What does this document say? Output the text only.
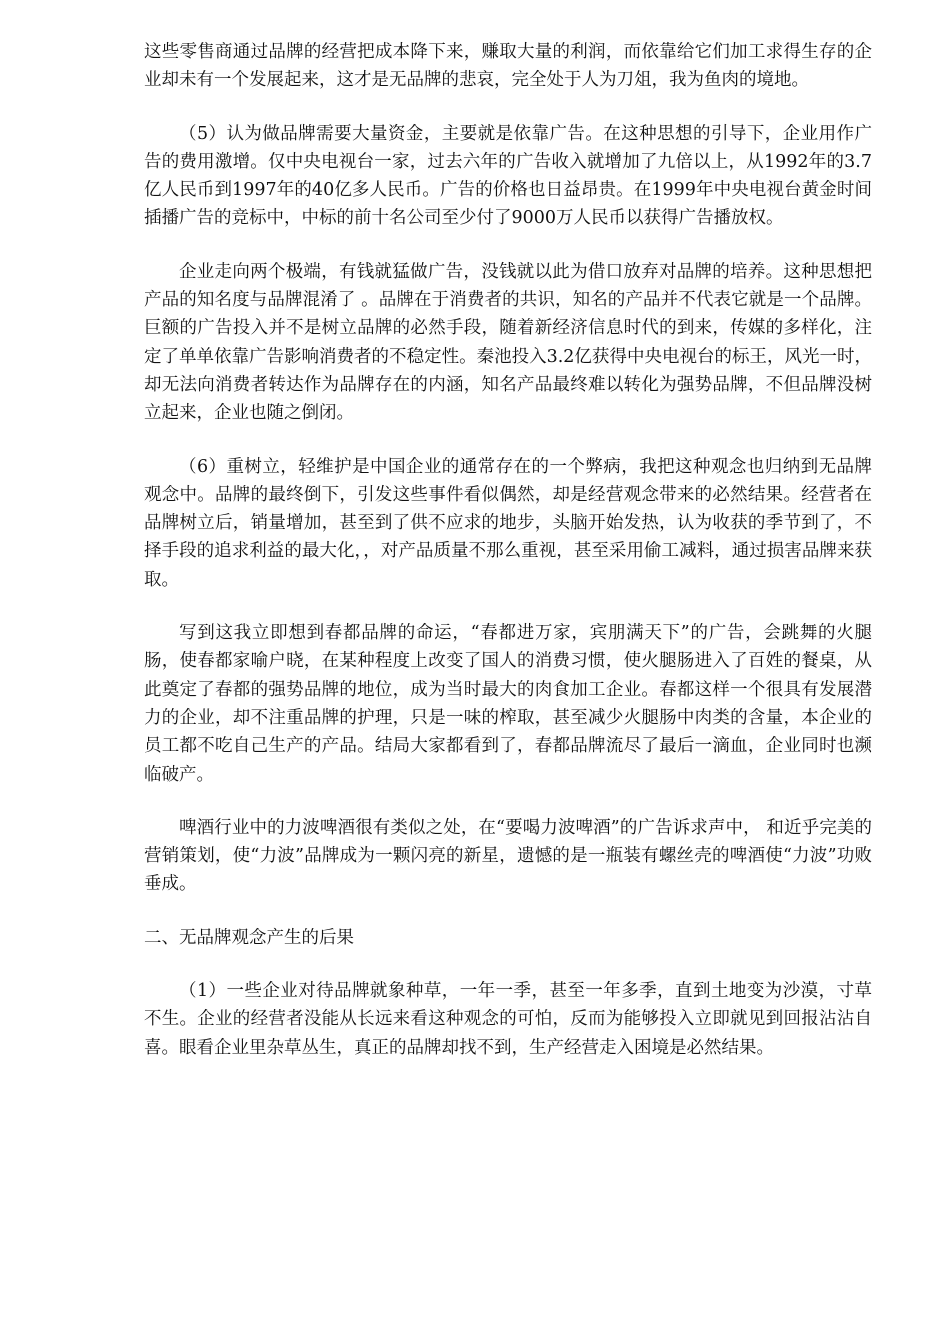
这些零售商通过品牌的经营把成本降下来，赚取大量的利润，而依靠给它们加工求得生存的企业却未有一个发展起来，这才是无品牌的悲哀，完全处于人为刀俎，我为鱼肉的境地。

（5）认为做品牌需要大量资金，主要就是依靠广告。在这种思想的引导下，企业用作广告的费用激增。仅中央电视台一家，过去六年的广告收入就增加了九倍以上，从1992年的3.7亿人民币到1997年的40亿多人民币。广告的价格也日益昂贵。在1999年中央电视台黄金时间插播广告的竞标中，中标的前十名公司至少付了9000万人民币以获得广告播放权。

企业走向两个极端，有钱就猛做广告，没钱就以此为借口放弃对品牌的培养。这种思想把产品的知名度与品牌混淆了 。品牌在于消费者的共识，知名的产品并不代表它就是一个品牌。巨额的广告投入并不是树立品牌的必然手段，随着新经济信息时代的到来，传媒的多样化，注定了单单依靠广告影响消费者的不稳定性。秦池投入3.2亿获得中央电视台的标王，风光一时，却无法向消费者转达作为品牌存在的内涵，知名产品最终难以转化为强势品牌，不但品牌没树立起来，企业也随之倒闭。

（6）重树立，轻维护是中国企业的通常存在的一个弊病，我把这种观念也归纳到无品牌观念中。品牌的最终倒下，引发这些事件看似偶然，却是经营观念带来的必然结果。经营者在品牌树立后，销量增加，甚至到了供不应求的地步，头脑开始发热，认为收获的季节到了，不择手段的追求利益的最大化，，对产品质量不那么重视，甚至采用偷工减料，通过损害品牌来获取。

写到这我立即想到春都品牌的命运，“春都进万家，宾朋满天下”的广告，会跳舞的火腿肠，使春都家喻户晓，在某种程度上改变了国人的消费习惯，使火腿肠进入了百姓的餐桌，从此奠定了春都的强势品牌的地位，成为当时最大的肉食加工企业。春都这样一个很具有发展潜力的企业，却不注重品牌的护理，只是一味的榨取，甚至减少火腿肠中肉类的含量，本企业的员工都不吃自己生产的产品。结局大家都看到了，春都品牌流尽了最后一滴血，企业同时也濒临破产。

啤酒行业中的力波啤酒很有类似之处，在“要喝力波啤酒”的广告诉求声中， 和近乎完美的营销策划，使“力波”品牌成为一颗闪亮的新星，遗憾的是一瓶装有螺丝壳的啤酒使“力波”功败垂成。

二、无品牌观念产生的后果

（1）一些企业对待品牌就象种草，一年一季，甚至一年多季，直到土地变为沙漠，寸草不生。企业的经营者没能从长远来看这种观念的可怕，反而为能够投入立即就见到回报沾沾自喜。眼看企业里杂草丛生，真正的品牌却找不到，生产经营走入困境是必然结果。
